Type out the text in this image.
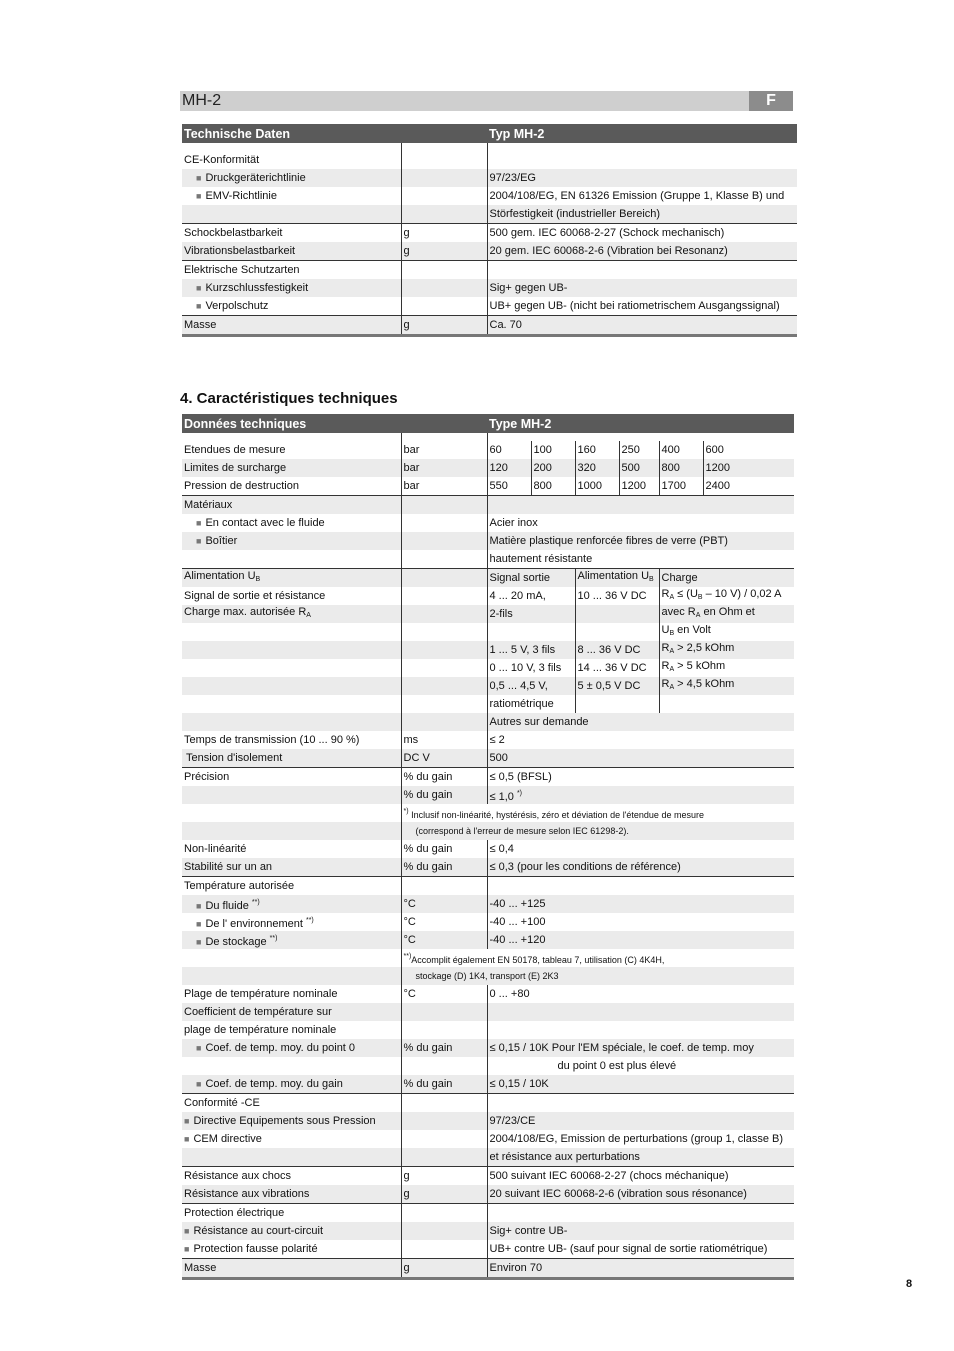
MH-2	F
Technische Daten		Typ MH-2

CE-Konformität		
■ Druckgeräterichtlinie		97/23/EG
■ EMV-Richtlinie		2004/108/EG, EN 61326 Emission (Gruppe 1, Klasse B) und
		Störfestigkeit (industrieller Bereich)
Schockbelastbarkeit	g	500 gem. IEC 60068-2-27 (Schock mechanisch)
Vibrationsbelastbarkeit	g	20 gem. IEC 60068-2-6 (Vibration bei Resonanz)
Elektrische Schutzarten		
■ Kurzschlussfestigkeit		Sig+ gegen UB-
■ Verpolschutz		UB+ gegen UB- (nicht bei ratiometrischem Ausgangssignal)
Masse	g	Ca. 70
4. Caractéristiques techniques
Données techniques		Type MH-2					

Etendues de mesure	bar	60	100	160	250	400	600
Limites de surcharge	bar	120	200	320	500	800	1200
Pression de destruction	bar	550	800	1000	1200	1700	2400
Matériaux							
■ En contact avec le fluide		Acier inox					
■ Boîtier		Matière plastique renforcée fibres de verre (PBT)					
		hautement résistante					
Alimentation $U_B$		Signal sortie		Alimentation $U_B$		Charge	
Signal de sortie et résistance		4 ... 20 mA,		10 ... 36 V DC		$R_A \le (U_B - 10$ V) / 0,02 A	
Charge max. autorisée $R_A$		2-fils				avec $R_A$ en Ohm et	
						$U_B$ en Volt	
		1 ... 5 V, 3 fils		8 ... 36 V DC		$R_A > 2,5$ kOhm	
		0 ... 10 V, 3 fils		14 ... 36 V DC		$R_A > 5$ kOhm	
		0,5 ... 4,5 V,		5 ± 0,5 V DC		$R_A > 4,5$ kOhm	
		ratiométrique					
		Autres sur demande					
Temps de transmission (10 ... 90 %)	ms	≤ 2					
Tension d'isolement	DC V	500					
Précision	% du gain	≤ 0,5 (BFSL)					
	% du gain	≤ 1,0 *)
	*) Inclusif non-linéarité, hystérésis, zéro et déviation de l'étendue de mesure						
	(correspond à l'erreur de mesure selon IEC 61298-2).						
Non-linéarité	% du gain	≤ 0,4					
Stabilité sur un an	% du gain	≤ 0,3 (pour les conditions de référence)					
Température autorisée							
■ Du fluide **)	°C	-40 ... +125					
■ De l' environnement **)	°C	-40 ... +100					
■ De stockage **)	°C	-40 ... +120					
	**)Accomplit également EN 50178, tableau 7, utilisation (C) 4K4H,						
	stockage (D) 1K4, transport (E) 2K3						
Plage de température nominale	°C	0 ... +80					
Coefficient de température sur							
plage de température nominale							
■ Coef. de temp. moy. du point 0	% du gain	≤ 0,15 / 10K Pour l'EM spéciale, le coef. de temp. moy					
		du point 0 est plus élevé					
■ Coef. de temp. moy. du gain	% du gain	≤ 0,15 / 10K					
Conformité -CE							
■ Directive Equipements sous Pression		97/23/CE					
■ CEM directive		2004/108/EG, Emission de perturbations (group 1, classe B)					
		et résistance aux perturbations					
Résistance aux chocs	g	500 suivant IEC 60068-2-27 (chocs méchanique)					
Résistance aux vibrations	g	20 suivant IEC 60068-2-6 (vibration sous résonance)					
Protection électrique							
■ Résistance au court-circuit		Sig+ contre UB-					
■ Protection fausse polarité		UB+ contre UB- (sauf pour signal de sortie ratiométrique)					
Masse	g	Environ 70					
8
